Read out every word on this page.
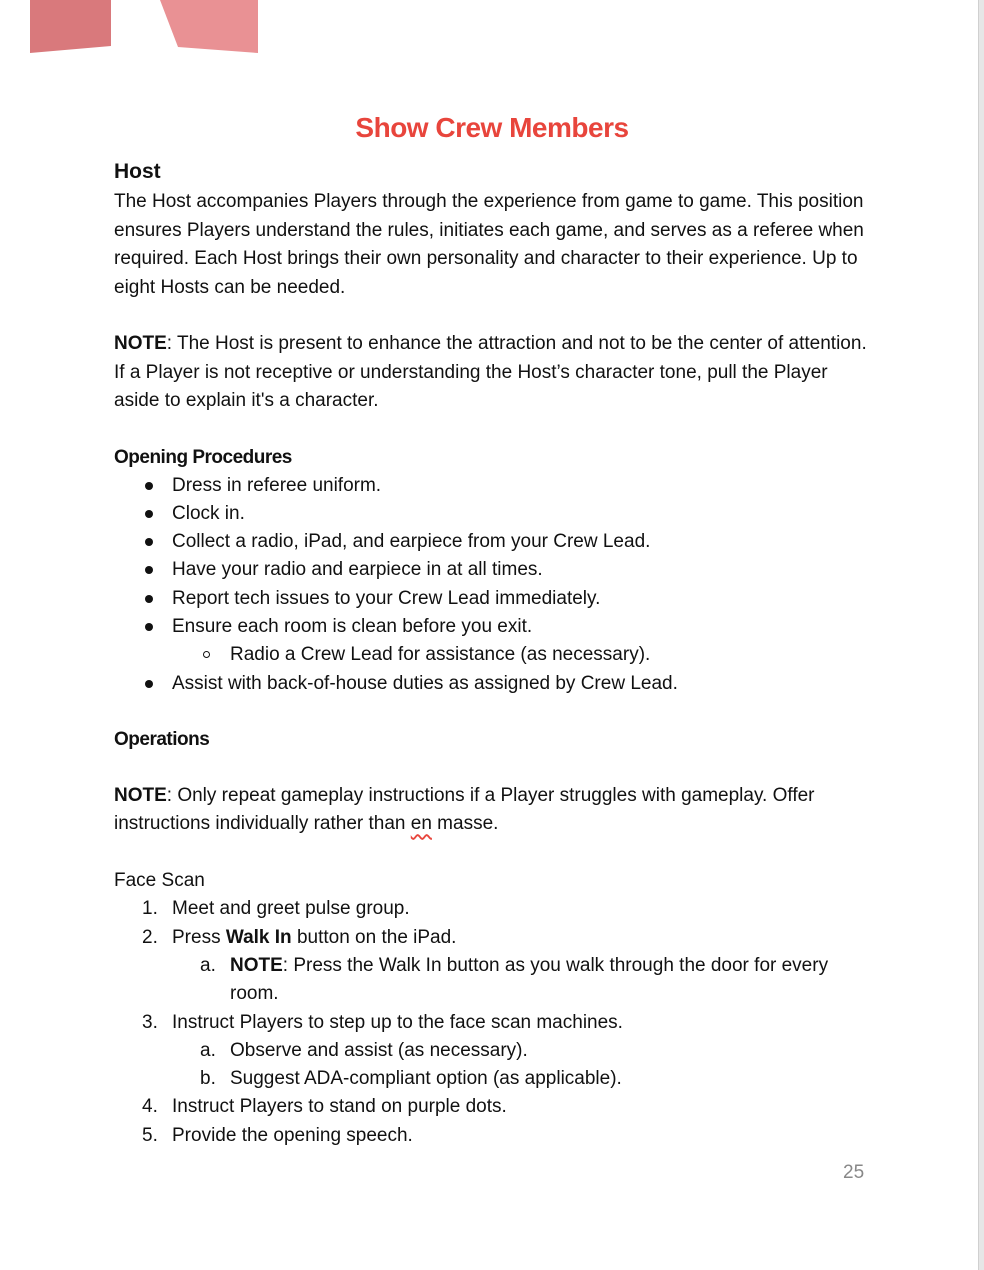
Show Crew Members
Host

The Host accompanies Players through the experience from game to game. This position ensures Players understand the rules, initiates each game, and serves as a referee when required. Each Host brings their own personality and character to their experience. Up to eight Hosts can be needed.

NOTE: The Host is present to enhance the attraction and not to be the center of attention. If a Player is not receptive or understanding the Host’s character tone, pull the Player aside to explain it's a character.

Opening Procedures
Dress in referee uniform.
Clock in.
Collect a radio, iPad, and earpiece from your Crew Lead.
Have your radio and earpiece in at all times.
Report tech issues to your Crew Lead immediately.
Ensure each room is clean before you exit.
Radio a Crew Lead for assistance (as necessary).
Assist with back-of-house duties as assigned by Crew Lead.
Operations

NOTE: Only repeat gameplay instructions if a Player struggles with gameplay. Offer instructions individually rather than en masse.

Face Scan

1. Meet and greet pulse group.
2. Press Walk In button on the iPad.
a. NOTE: Press the Walk In button as you walk through the door for every room.
3. Instruct Players to step up to the face scan machines.
a. Observe and assist (as necessary).
b. Suggest ADA-compliant option (as applicable).
4. Instruct Players to stand on purple dots.
5. Provide the opening speech.
25
